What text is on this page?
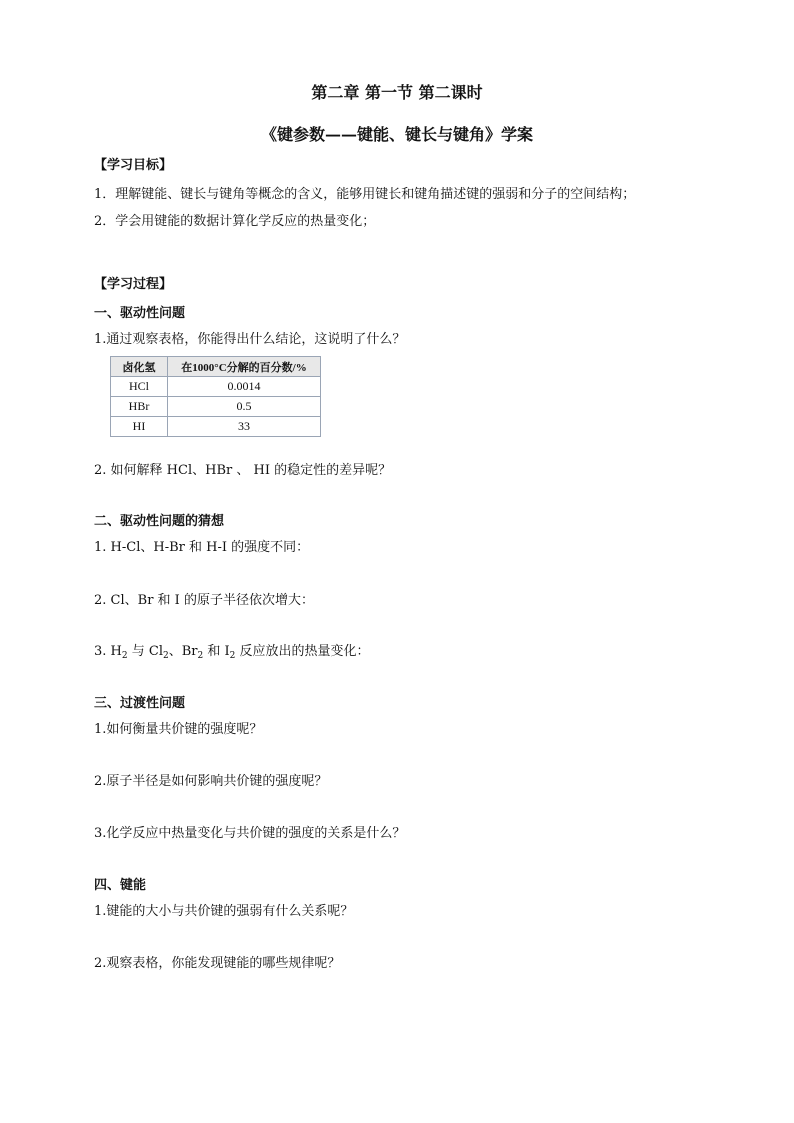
第二章 第一节 第二课时
《键参数——键能、键长与键角》学案
【学习目标】
1．理解键能、键长与键角等概念的含义，能够用键长和键角描述键的强弱和分子的空间结构；
2．学会用键能的数据计算化学反应的热量变化；
【学习过程】
一、驱动性问题
1.通过观察表格，你能得出什么结论，这说明了什么？
卤化氢	在1000°C分解的百分数/%
HCl	0.0014
HBr	0.5
HI	33
2. 如何解释 HCl、HBr 、 HI 的稳定性的差异呢？
二、驱动性问题的猜想
1. H-Cl、H-Br 和 H-I 的强度不同：
2. Cl、Br 和 I 的原子半径依次增大：
3. $H_2$ 与 $Cl_2$、$Br_2$ 和 $I_2$ 反应放出的热量变化：
三、过渡性问题
1.如何衡量共价键的强度呢？
2.原子半径是如何影响共价键的强度呢？
3.化学反应中热量变化与共价键的强度的关系是什么？
四、键能
1.键能的大小与共价键的强弱有什么关系呢？
2.观察表格，你能发现键能的哪些规律呢？
